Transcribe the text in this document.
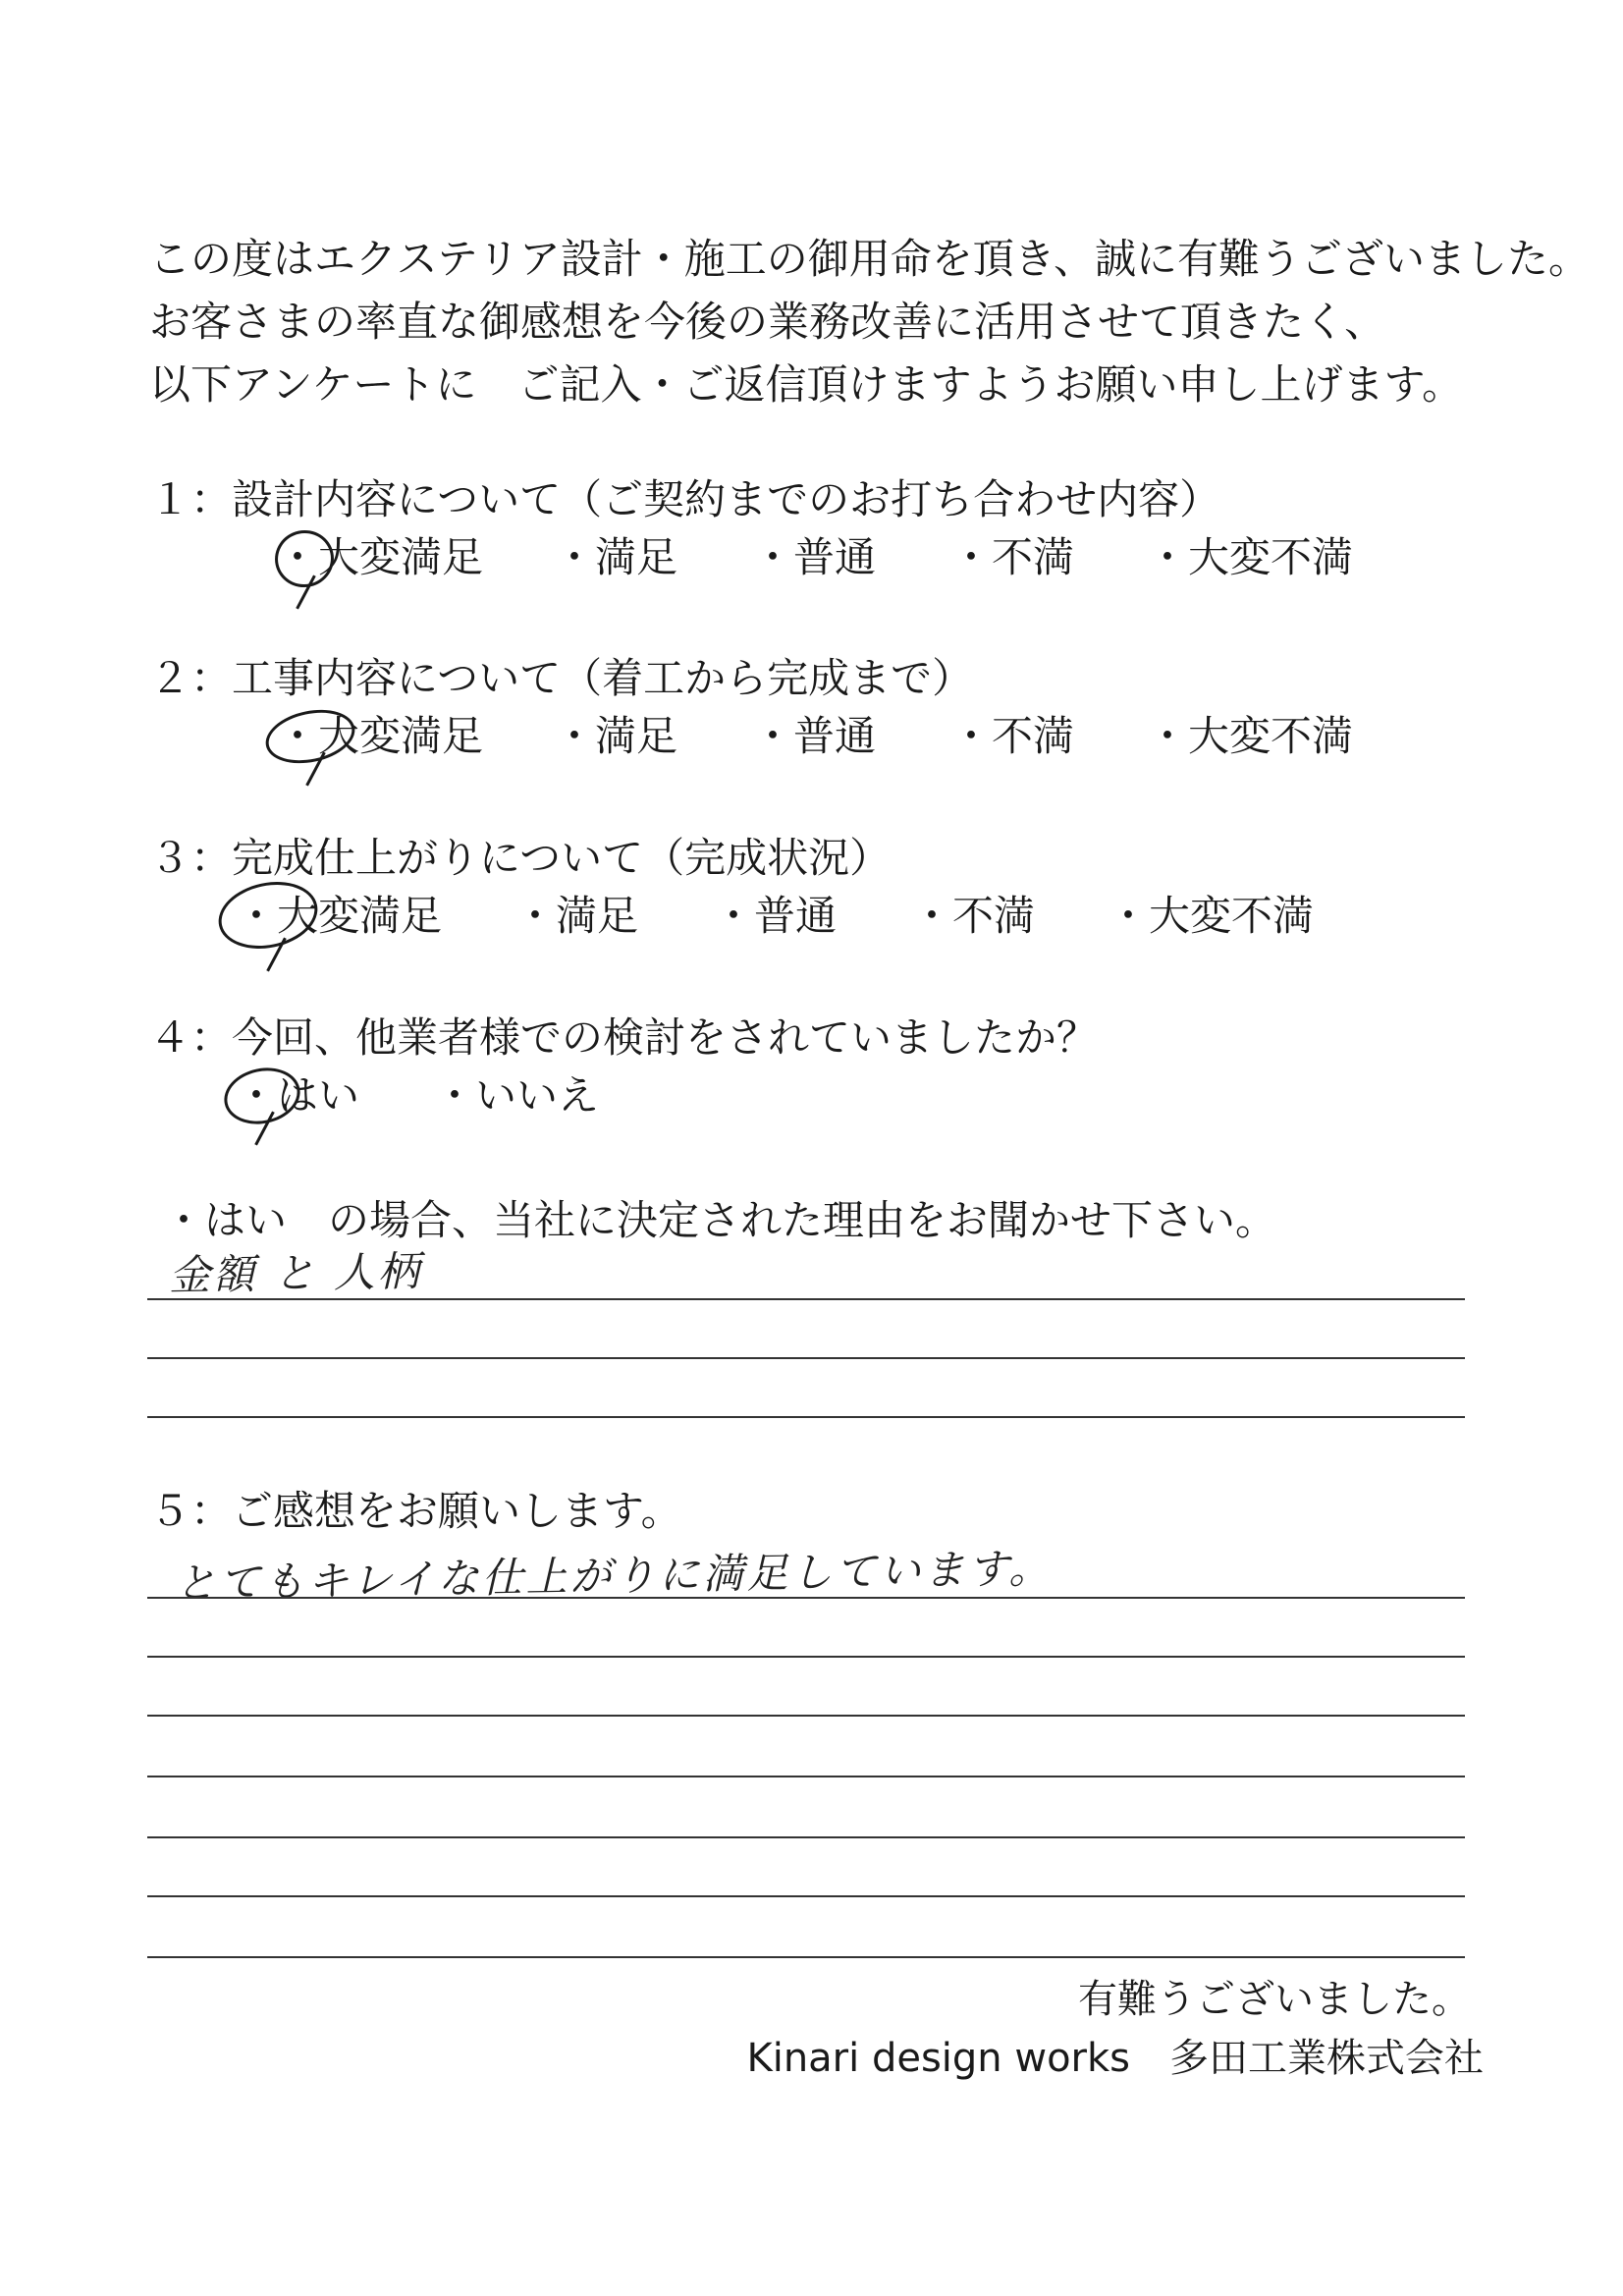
この度はエクステリア設計・施工の御用命を頂き、誠に有難うございました。
お客さまの率直な御感想を今後の業務改善に活用させて頂きたく、
以下アンケートに　ご記入・ご返信頂けますようお願い申し上げます。
１：設計内容について（ご契約までのお打ち合わせ内容）
・大変満足 ・満足 ・普通 ・不満 ・大変不満
２：工事内容について（着工から完成まで）
・大変満足 ・満足 ・普通 ・不満 ・大変不満
３：完成仕上がりについて（完成状況）
・大変満足 ・満足 ・普通 ・不満 ・大変不満
４：今回、他業者様での検討をされていましたか？
・はい ・いいえ
・はい　の場合、当社に決定された理由をお聞かせ下さい。
金額 と 人柄
５：ご感想をお願いします。
とてもキレイな仕上がりに満足しています。
有難うございました。
Kinari design works 多田工業株式会社
